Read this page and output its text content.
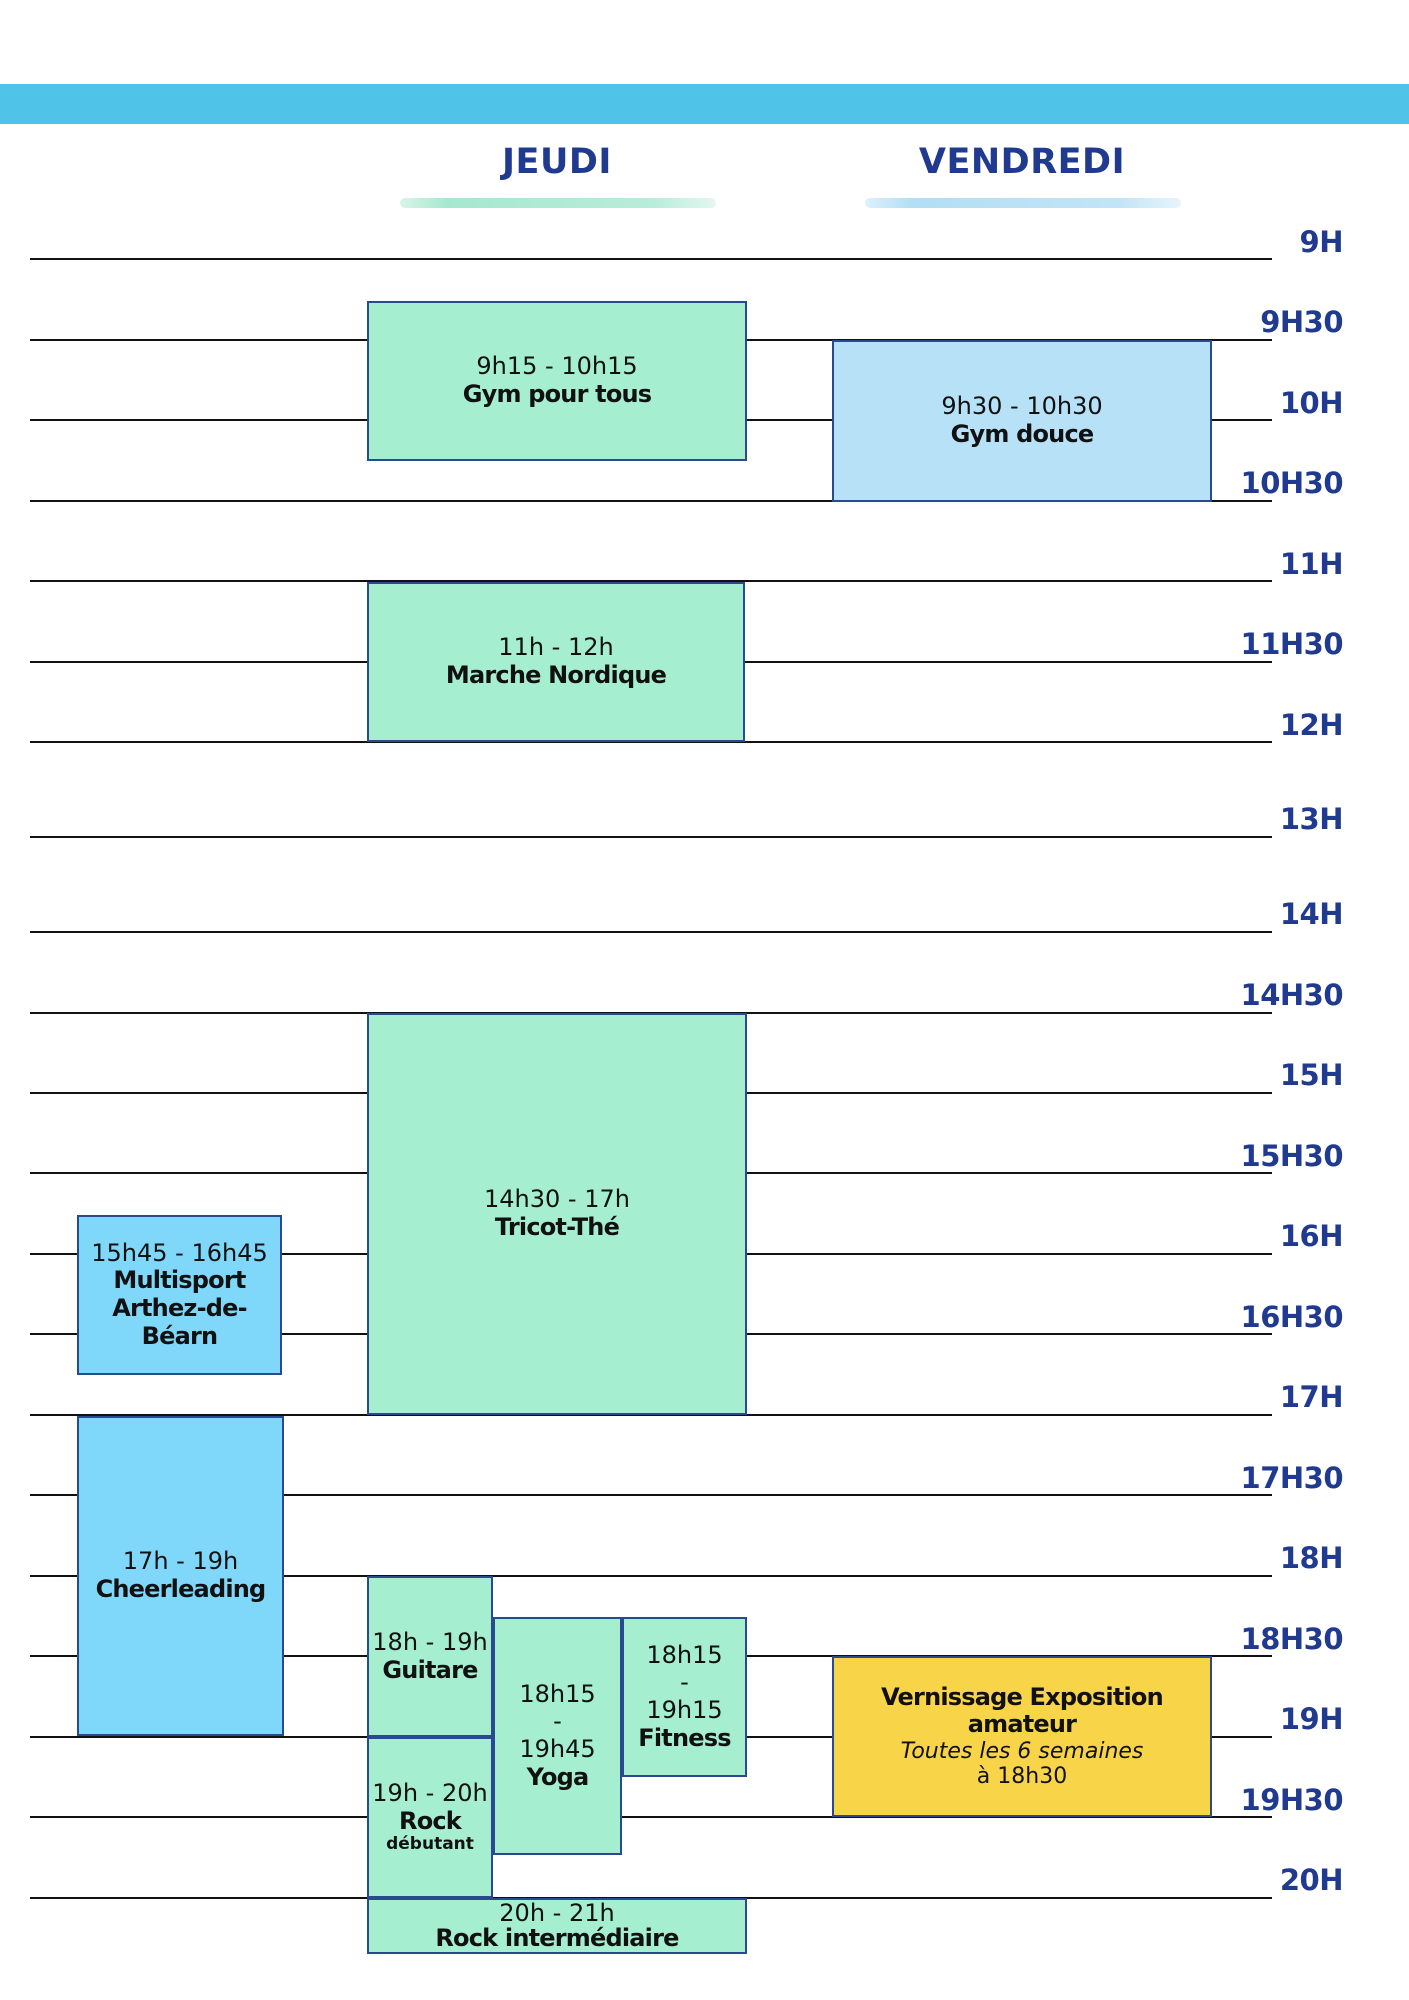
JEUDI	VENDREDI
9H
9H30
10H
10H30
11H
11H30
12H
13H
14H
14H30
15H
15H30
16H
16H30
17H
17H30
18H
18H30
19H
19H30
20H
9h15 - 10h15
Gym pour tous	9h30 - 10h30
Gym douce
11h - 12h
Marche Nordique
14h30 - 17h
Tricot-Thé
15h45 - 16h45
Multisport Arthez-de-Béarn
17h - 19h
Cheerleading
18h - 19h
Guitare
18h15 - 19h45
Yoga
18h15 - 19h15
Fitness
19h - 20h
Rock
débutant
20h - 21h
Rock intermédiaire
Vernissage Exposition amateur
Toutes les 6 semaines
à 18h30
